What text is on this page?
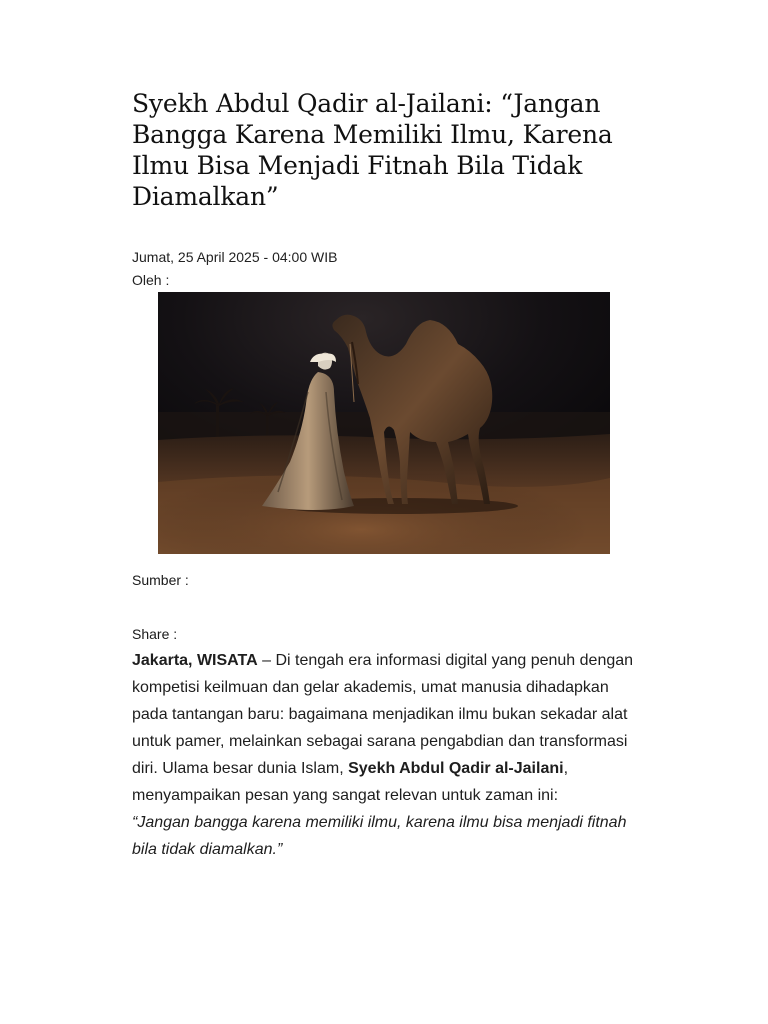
Syekh Abdul Qadir al-Jailani: “Jangan Bangga Karena Memiliki Ilmu, Karena Ilmu Bisa Menjadi Fitnah Bila Tidak Diamalkan”
Jumat, 25 April 2025 - 04:00 WIB
Oleh :
Sumber :
Share :

Jakarta, WISATA – Di tengah era informasi digital yang penuh dengan kompetisi keilmuan dan gelar akademis, umat manusia dihadapkan pada tantangan baru: bagaimana menjadikan ilmu bukan sekadar alat untuk pamer, melainkan sebagai sarana pengabdian dan transformasi diri. Ulama besar dunia Islam, Syekh Abdul Qadir al-Jailani, menyampaikan pesan yang sangat relevan untuk zaman ini:

“Jangan bangga karena memiliki ilmu, karena ilmu bisa menjadi fitnah bila tidak diamalkan.”
